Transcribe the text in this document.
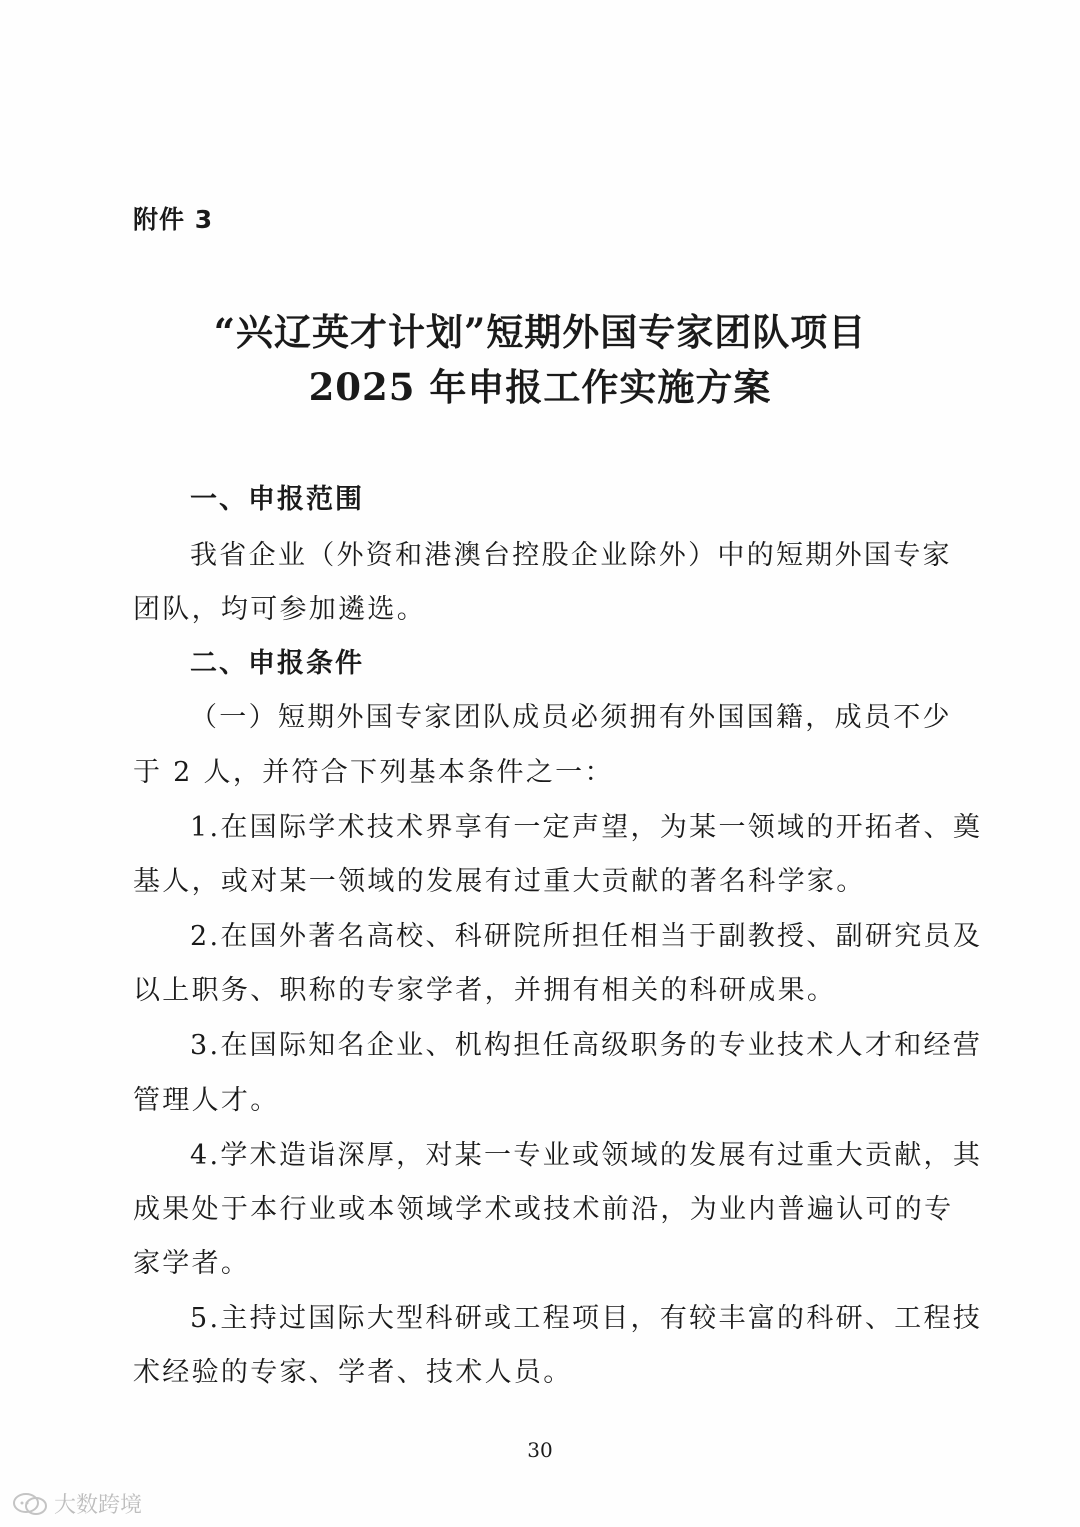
附件 3
“兴辽英才计划”短期外国专家团队项目
2025 年申报工作实施方案
一、申报范围
我省企业（外资和港澳台控股企业除外）中的短期外国专家
团队，均可参加遴选。
二、申报条件
（一）短期外国专家团队成员必须拥有外国国籍，成员不少
于 2 人，并符合下列基本条件之一：
1.在国际学术技术界享有一定声望，为某一领域的开拓者、奠
基人，或对某一领域的发展有过重大贡献的著名科学家。
2.在国外著名高校、科研院所担任相当于副教授、副研究员及
以上职务、职称的专家学者，并拥有相关的科研成果。
3.在国际知名企业、机构担任高级职务的专业技术人才和经营
管理人才。
4.学术造诣深厚，对某一专业或领域的发展有过重大贡献，其
成果处于本行业或本领域学术或技术前沿，为业内普遍认可的专
家学者。
5.主持过国际大型科研或工程项目，有较丰富的科研、工程技
术经验的专家、学者、技术人员。
30
大数跨境
